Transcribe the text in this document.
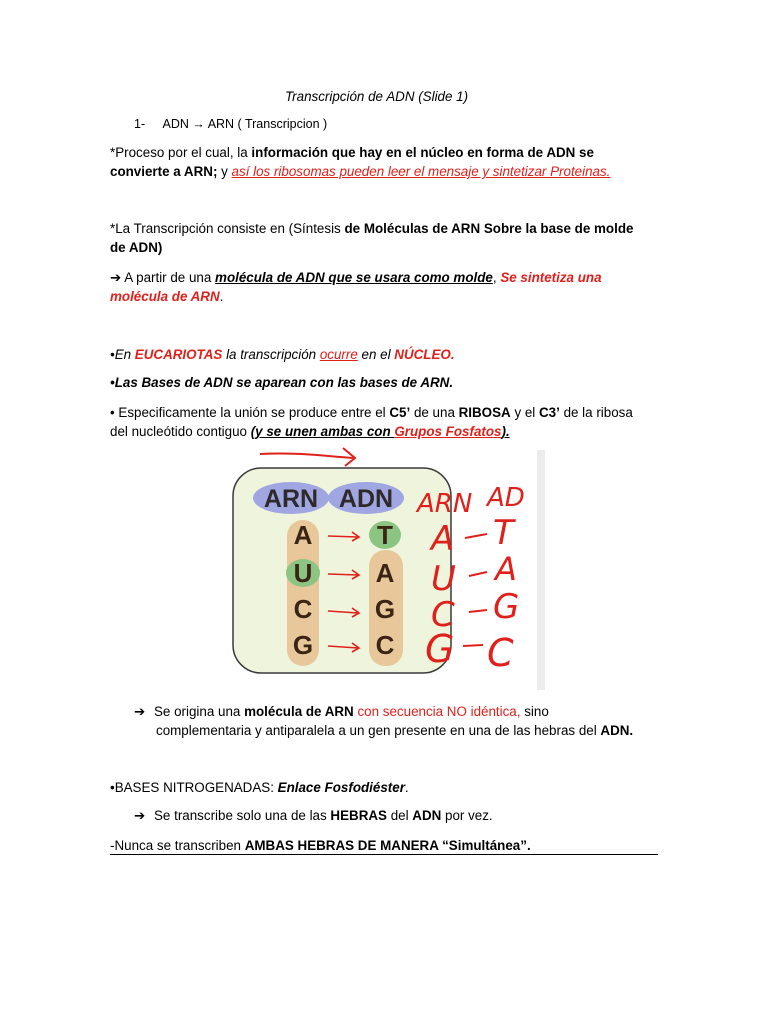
Transcripción de ADN (Slide 1)
1- ADN → ARN ( Transcripcion )
*Proceso por el cual, la información que hay en el núcleo en forma de ADN se
convierte a ARN; y así los ribosomas pueden leer el mensaje y sintetizar Proteinas.
*La Transcripción consiste en (Síntesis de Moléculas de ARN Sobre la base de molde
de ADN)
➔ A partir de una molécula de ADN que se usara como molde, Se sintetiza una
molécula de ARN.
•En EUCARIOTAS la transcripción ocurre en el NÚCLEO.
•Las Bases de ADN se aparean con las bases de ARN.
• Especificamente la unión se produce entre el C5’ de una RIBOSA y el C3’ de la ribosa
del nucleótido contiguo (y se unen ambas con Grupos Fosfatos).
ARN ADN
A
U
C
G
T
A
G
C
ARN AD
A T
U A
C G
G C
➔ Se origina una molécula de ARN con secuencia NO idéntica, sino
complementaria y antiparalela a un gen presente en una de las hebras del ADN.
•BASES NITROGENADAS: Enlace Fosfodiéster.
➔ Se transcribe solo una de las HEBRAS del ADN por vez.
-Nunca se transcriben AMBAS HEBRAS DE MANERA “Simultánea”.
